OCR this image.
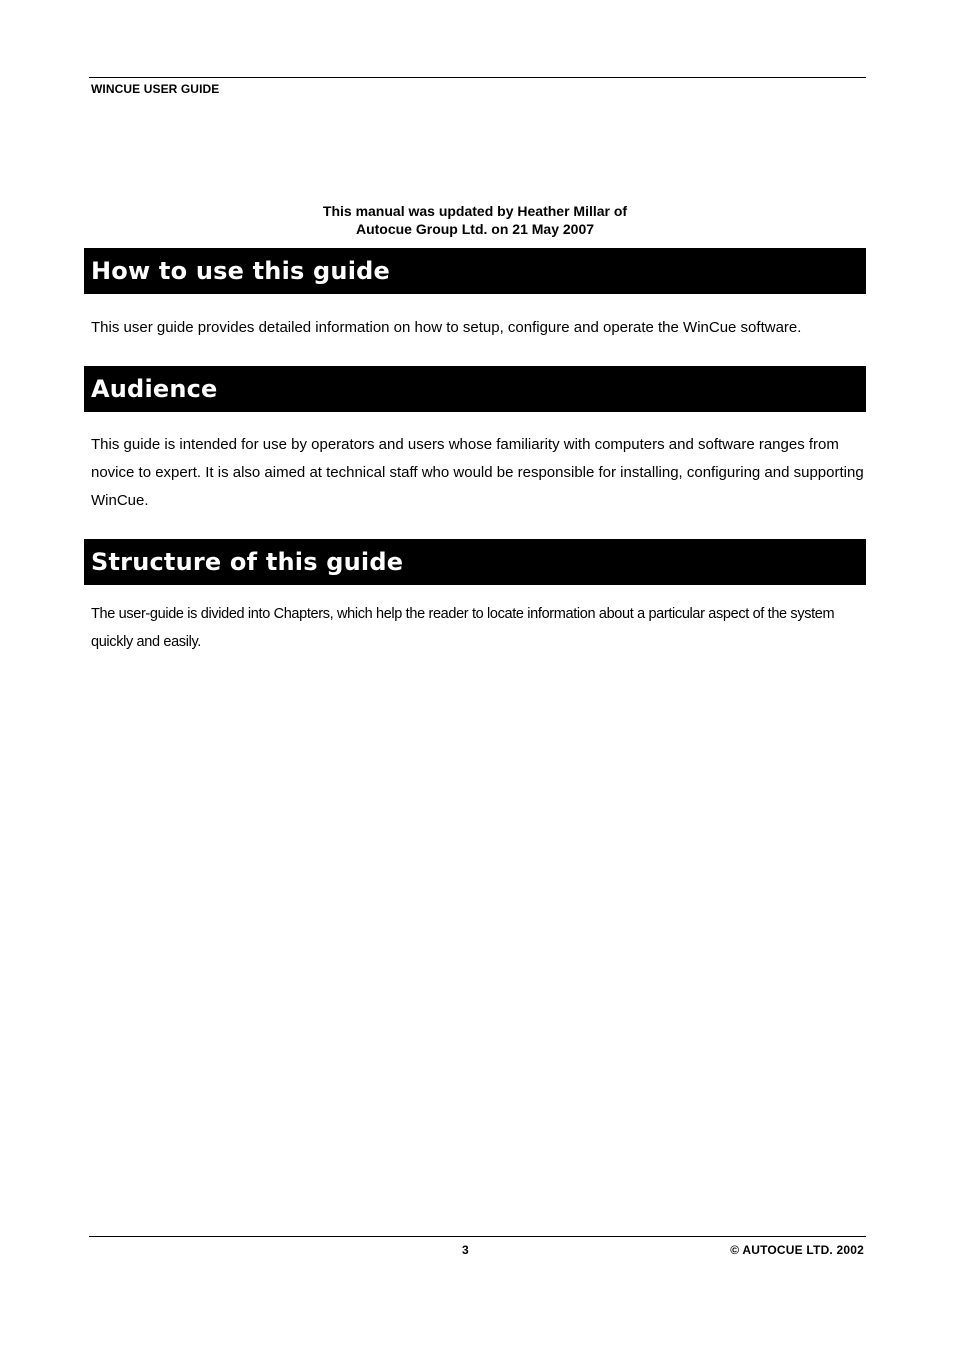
WINCUE USER GUIDE
This manual was updated by Heather Millar of
Autocue Group Ltd. on 21 May 2007
How to use this guide
This user guide provides detailed information on how to setup, configure and operate the WinCue software.
Audience
This guide is intended for use by operators and users whose familiarity with computers and software ranges from novice to expert. It is also aimed at technical staff who would be responsible for installing, configuring and supporting WinCue.
Structure of this guide
The user-guide is divided into Chapters, which help the reader to locate information about a particular aspect of the system quickly and easily.
3	© AUTOCUE LTD. 2002
